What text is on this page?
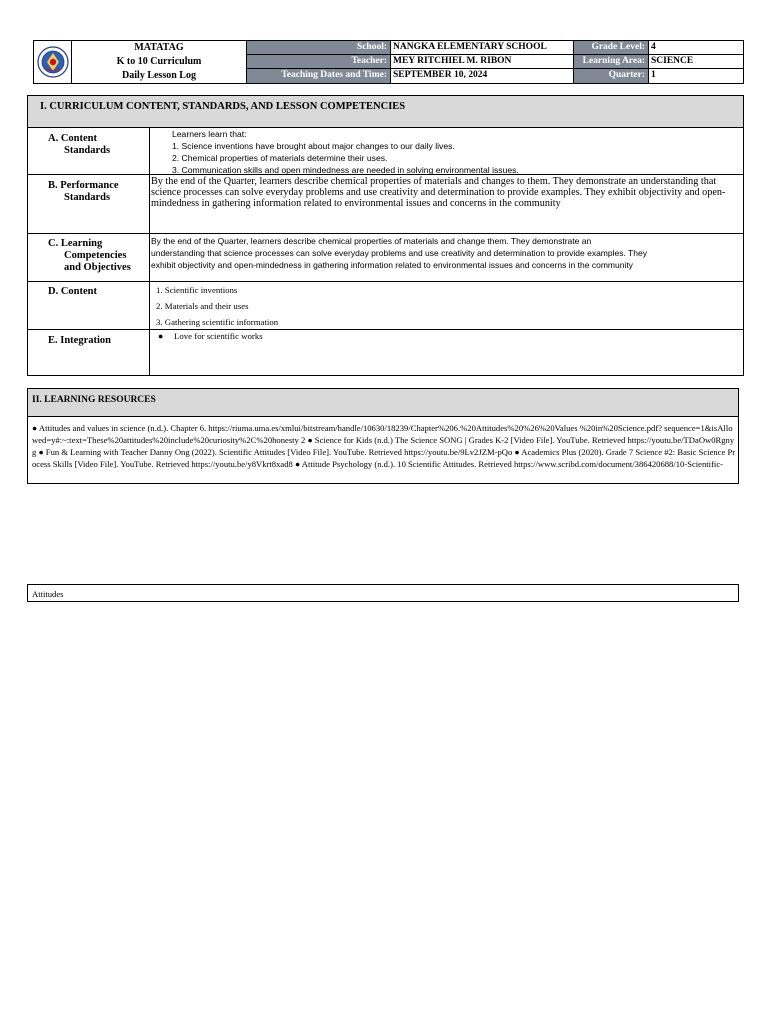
MATATAG
K to 10 Curriculum
Daily Lesson Log
School: NANGKA ELEMENTARY SCHOOL
Teacher: MEY RITCHIEL M. RIBON
Teaching Dates and Time: SEPTEMBER 10, 2024
Grade Level: 4
Learning Area: SCIENCE
Quarter: 1
I. CURRICULUM CONTENT, STANDARDS, AND LESSON COMPETENCIES
A. Content
Standards
Learners learn that:
1. Science inventions have brought about major changes to our daily lives.
2. Chemical properties of materials determine their uses.
3. Communication skills and open mindedness are needed in solving environmental issues.
B. Performance
Standards
By the end of the Quarter, learners describe chemical properties of materials and changes to them. They demonstrate an understanding that science processes can solve everyday problems and use creativity and determination to provide examples. They exhibit objectivity and open-mindedness in gathering information related to environmental issues and concerns in the community
C. Learning
Competencies
and Objectives
By the end of the Quarter, learners describe chemical properties of materials and change them. They demonstrate an
understanding that science processes can solve everyday problems and use creativity and determination to provide examples. They
exhibit objectivity and open-mindedness in gathering information related to environmental issues and concerns in the community
D. Content	1. Scientific inventions
2. Materials and their uses
3. Gathering scientific information
E. Integration	● Love for scientific works
II. LEARNING RESOURCES
● Attitudes and values in science (n.d.). Chapter 6. https://riuma.uma.es/xmlui/bitstream/handle/10630/18239/Chapter%206.%20Attitudes%20%26%20Values %20in%20Science.pdf? sequence=1&isAllowed=y#:~:text=These%20attitudes%20include%20curiosity%2C%20honesty 2 ● Science for Kids (n.d.) The Science SONG | Grades K-2 [Video File]. YouTube. Retrieved https://youtu.be/TDaOw0Rgnyg ● Fun & Learning with Teacher Danny Ong (2022). Scientific Attitudes [Video File]. YouTube. Retrieved https://youtu.be/9Lv2JZM-pQo ● Academics Plus (2020). Grade 7 Science #2: Basic Science Process Skills [Video File]. YouTube. Retrieved https://youtu.be/y8Vkrt8xad8 ● Attitude Psychology (n.d.). 10 Scientific Attitudes. Retrieved https://www.scribd.com/document/386420688/10-Scientific-
Attitudes
